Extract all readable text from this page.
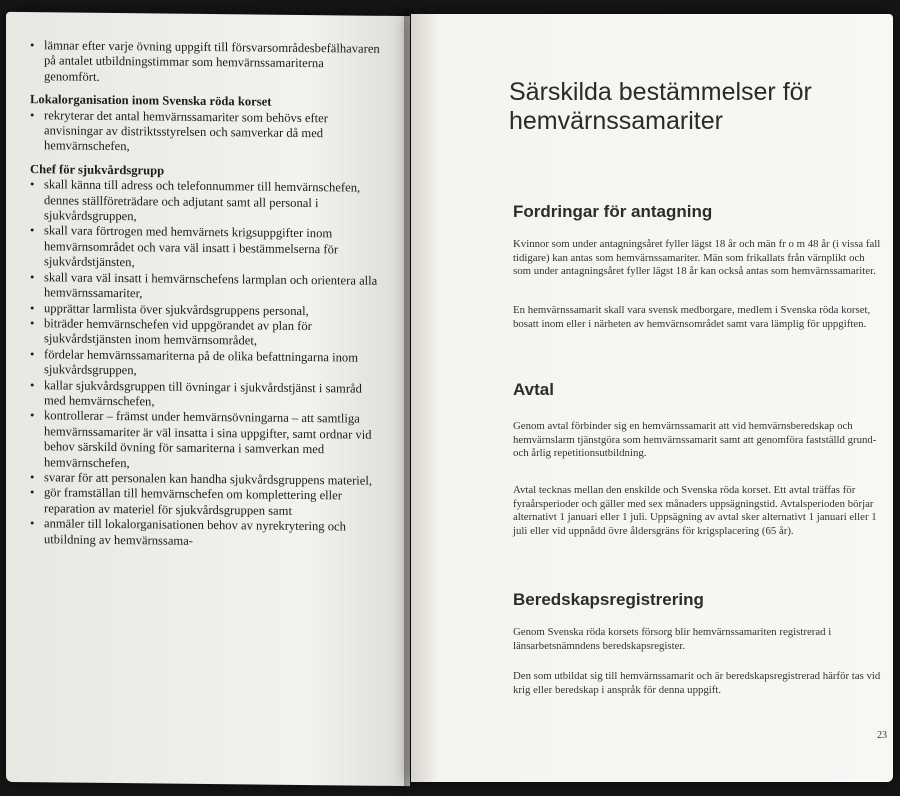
• lämnar efter varje övning uppgift till försvarsområdesbefälhavaren på antalet utbildningstimmar som hemvärnssamariterna genomfört.

Lokalorganisation inom Svenska röda korset

• rekryterar det antal hemvärnssamariter som behövs efter anvisningar av distriktsstyrelsen och samverkar då med hemvärnschefen,

Chef för sjukvårdsgrupp

• skall känna till adress och telefonnummer till hemvärnschefen, dennes ställföreträdare och adjutant samt all personal i sjukvårdsgruppen,

• skall vara förtrogen med hemvärnets krigsuppgifter inom hemvärnsområdet och vara väl insatt i bestämmelserna för sjukvårdstjänsten,

• skall vara väl insatt i hemvärnschefens larmplan och orientera alla hemvärnssamariter,

• upprättar larmlista över sjukvårdsgruppens personal,

• biträder hemvärnschefen vid uppgörandet av plan för sjukvårdstjänsten inom hemvärnsområdet,

• fördelar hemvärnssamariterna på de olika befattningarna inom sjukvårdsgruppen,

• kallar sjukvårdsgruppen till övningar i sjukvårdstjänst i samråd med hemvärnschefen,

• kontrollerar – främst under hemvärnsövningarna – att samtliga hemvärnssamariter är väl insatta i sina uppgifter, samt ordnar vid behov särskild övning för samariterna i samverkan med hemvärnschefen,

• svarar för att personalen kan handha sjukvårdsgruppens materiel,

• gör framställan till hemvärnschefen om komplettering eller reparation av materiel för sjukvårdsgruppen samt

• anmäler till lokalorganisationen behov av nyrekrytering och utbildning av hemvärnssama-

Särskilda bestämmelser för hemvärnssamariter
Fordringar för antagning

Kvinnor som under antagningsåret fyller lägst 18 år och män fr o m 48 år (i vissa fall tidigare) kan antas som hemvärnssamariter. Män som frikallats från värnplikt och som under antagningsåret fyller lägst 18 år kan också antas som hemvärnssamariter.

En hemvärnssamarit skall vara svensk medborgare, medlem i Svenska röda korset, bosatt inom eller i närheten av hemvärnsområdet samt vara lämplig för uppgiften.

Avtal

Genom avtal förbinder sig en hemvärnssamarit att vid hemvärnsberedskap och hemvärnslarm tjänstgöra som hemvärnssamarit samt att genomföra fastställd grund- och årlig repetitionsutbildning.

Avtal tecknas mellan den enskilde och Svenska röda korset. Ett avtal träffas för fyraårsperioder och gäller med sex månaders uppsägningstid. Avtalsperioden börjar alternativt 1 januari eller 1 juli. Uppsägning av avtal sker alternativt 1 januari eller 1 juli eller vid uppnådd övre åldersgräns för krigsplacering (65 år).

Beredskapsregistrering

Genom Svenska röda korsets försorg blir hemvärnssamariten registrerad i länsarbetsnämndens beredskapsregister.

Den som utbildat sig till hemvärnssamarit och är beredskapsregistrerad härför tas vid krig eller beredskap i anspråk för denna uppgift.

23
